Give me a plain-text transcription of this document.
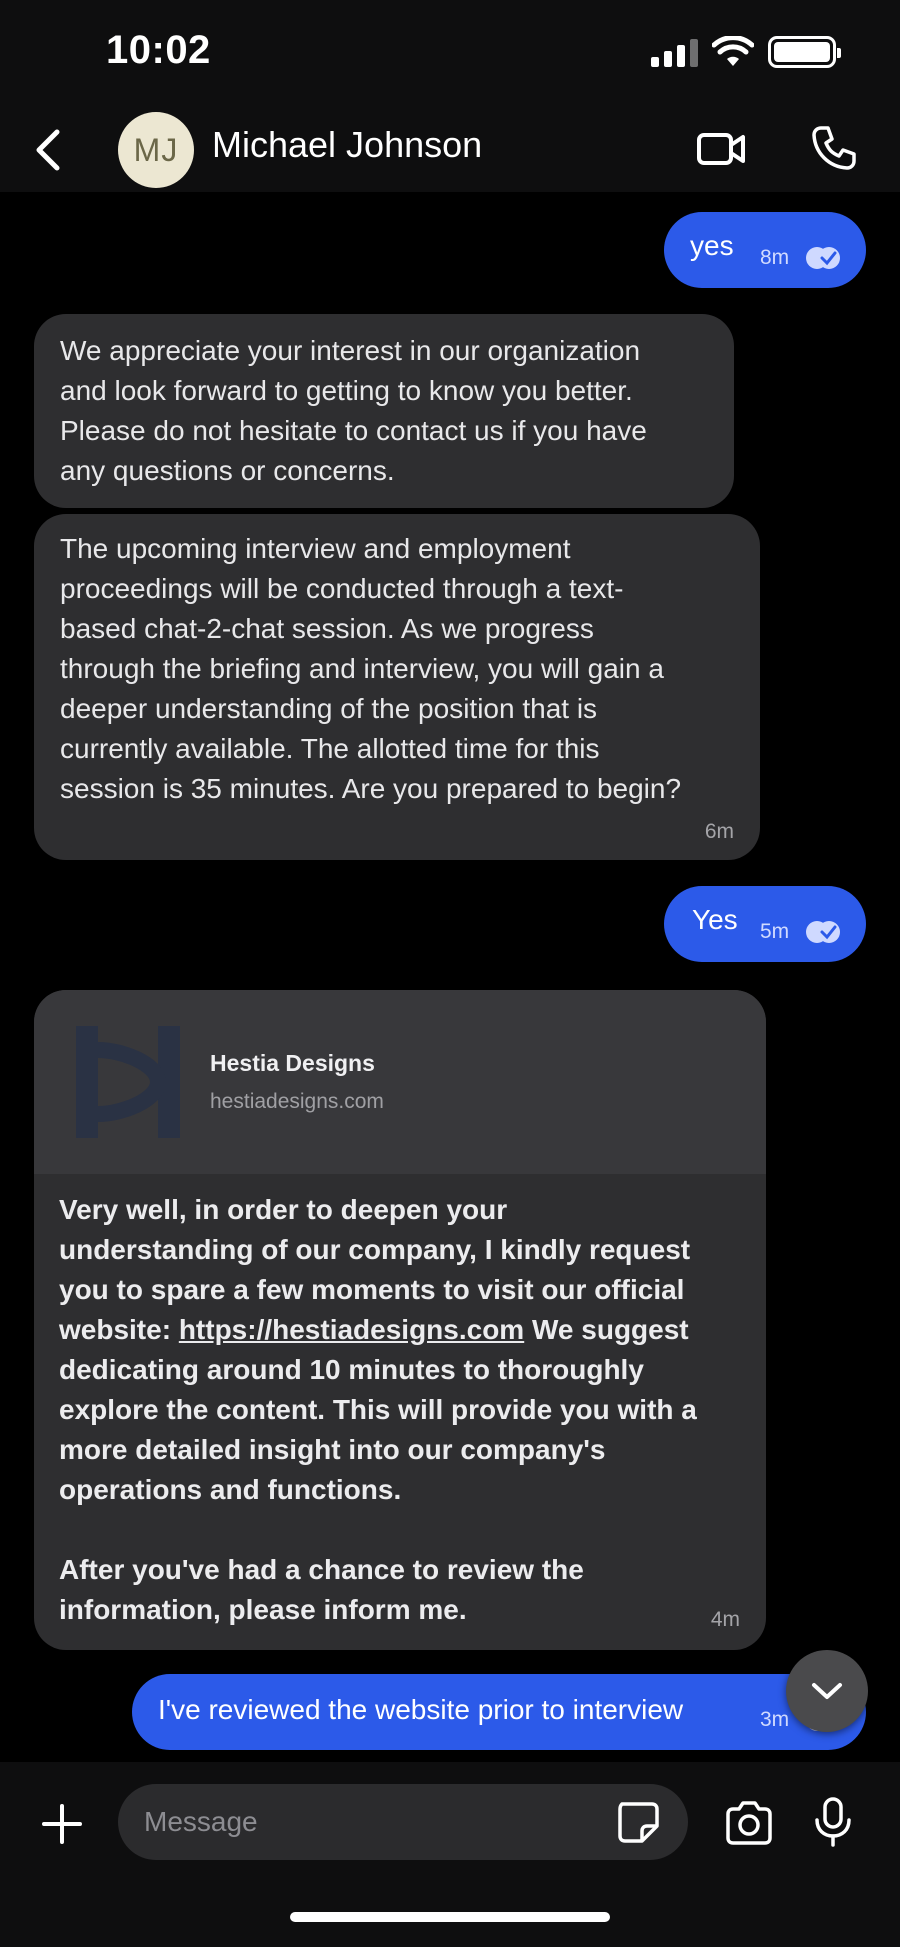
10:02
MJ Michael Johnson
yes 8m
We appreciate your interest in our organization
and look forward to getting to know you better.
Please do not hesitate to contact us if you have
any questions or concerns.
The upcoming interview and employment
proceedings will be conducted through a text-
based chat-2-chat session. As we progress
through the briefing and interview, you will gain a
deeper understanding of the position that is
currently available. The allotted time for this
session is 35 minutes. Are you prepared to begin?
6m
Yes 5m
Hestia Designs
hestiadesigns.com
Very well, in order to deepen your
understanding of our company, I kindly request
you to spare a few moments to visit our official
website: https://hestiadesigns.com We suggest
dedicating around 10 minutes to thoroughly
explore the content. This will provide you with a
more detailed insight into our company's
operations and functions.

After you've had a chance to review the
information, please inform me.	4m
I've reviewed the website prior to interview	3m
Message
